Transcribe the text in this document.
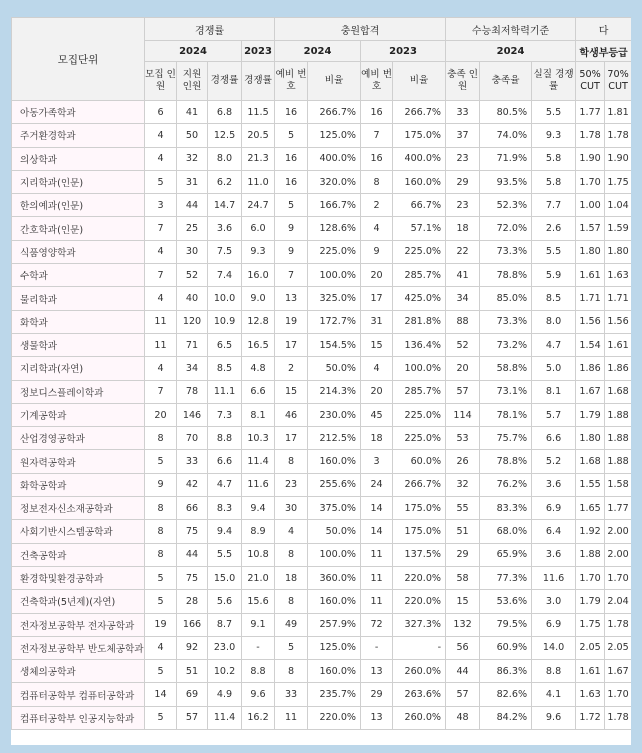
모집단위	경쟁률				충원합격				수능최저학력기준			다	
	2024			2023	2024		2023		2024			학생부등급	
	모집 인원	지원 인원	경쟁률	경쟁률	예비 번호	비율	예비 번호	비율	충족 인원	충족율	실질 경쟁률	50% CUT	70% CUT
아동가족학과	6	41	6.8	11.5	16	266.7%	16	266.7%	33	80.5%	5.5	1.77	1.81
주거환경학과	4	50	12.5	20.5	5	125.0%	7	175.0%	37	74.0%	9.3	1.78	1.78
의상학과	4	32	8.0	21.3	16	400.0%	16	400.0%	23	71.9%	5.8	1.90	1.90
지리학과(인문)	5	31	6.2	11.0	16	320.0%	8	160.0%	29	93.5%	5.8	1.70	1.75
한의예과(인문)	3	44	14.7	24.7	5	166.7%	2	66.7%	23	52.3%	7.7	1.00	1.04
간호학과(인문)	7	25	3.6	6.0	9	128.6%	4	57.1%	18	72.0%	2.6	1.57	1.59
식품영양학과	4	30	7.5	9.3	9	225.0%	9	225.0%	22	73.3%	5.5	1.80	1.80
수학과	7	52	7.4	16.0	7	100.0%	20	285.7%	41	78.8%	5.9	1.61	1.63
물리학과	4	40	10.0	9.0	13	325.0%	17	425.0%	34	85.0%	8.5	1.71	1.71
화학과	11	120	10.9	12.8	19	172.7%	31	281.8%	88	73.3%	8.0	1.56	1.56
생물학과	11	71	6.5	16.5	17	154.5%	15	136.4%	52	73.2%	4.7	1.54	1.61
지리학과(자연)	4	34	8.5	4.8	2	50.0%	4	100.0%	20	58.8%	5.0	1.86	1.86
정보디스플레이학과	7	78	11.1	6.6	15	214.3%	20	285.7%	57	73.1%	8.1	1.67	1.68
기계공학과	20	146	7.3	8.1	46	230.0%	45	225.0%	114	78.1%	5.7	1.79	1.88
산업경영공학과	8	70	8.8	10.3	17	212.5%	18	225.0%	53	75.7%	6.6	1.80	1.88
원자력공학과	5	33	6.6	11.4	8	160.0%	3	60.0%	26	78.8%	5.2	1.68	1.88
화학공학과	9	42	4.7	11.6	23	255.6%	24	266.7%	32	76.2%	3.6	1.55	1.58
정보전자신소재공학과	8	66	8.3	9.4	30	375.0%	14	175.0%	55	83.3%	6.9	1.65	1.77
사회기반시스템공학과	8	75	9.4	8.9	4	50.0%	14	175.0%	51	68.0%	6.4	1.92	2.00
건축공학과	8	44	5.5	10.8	8	100.0%	11	137.5%	29	65.9%	3.6	1.88	2.00
환경학및환경공학과	5	75	15.0	21.0	18	360.0%	11	220.0%	58	77.3%	11.6	1.70	1.70
건축학과(5년제)(자연)	5	28	5.6	15.6	8	160.0%	11	220.0%	15	53.6%	3.0	1.79	2.04
전자정보공학부 전자공학과	19	166	8.7	9.1	49	257.9%	72	327.3%	132	79.5%	6.9	1.75	1.78
전자정보공학부 반도체공학과	4	92	23.0	-	5	125.0%	-	-	56	60.9%	14.0	2.05	2.05
생체의공학과	5	51	10.2	8.8	8	160.0%	13	260.0%	44	86.3%	8.8	1.61	1.67
컴퓨터공학부 컴퓨터공학과	14	69	4.9	9.6	33	235.7%	29	263.6%	57	82.6%	4.1	1.63	1.70
컴퓨터공학부 인공지능학과	5	57	11.4	16.2	11	220.0%	13	260.0%	48	84.2%	9.6	1.72	1.78
